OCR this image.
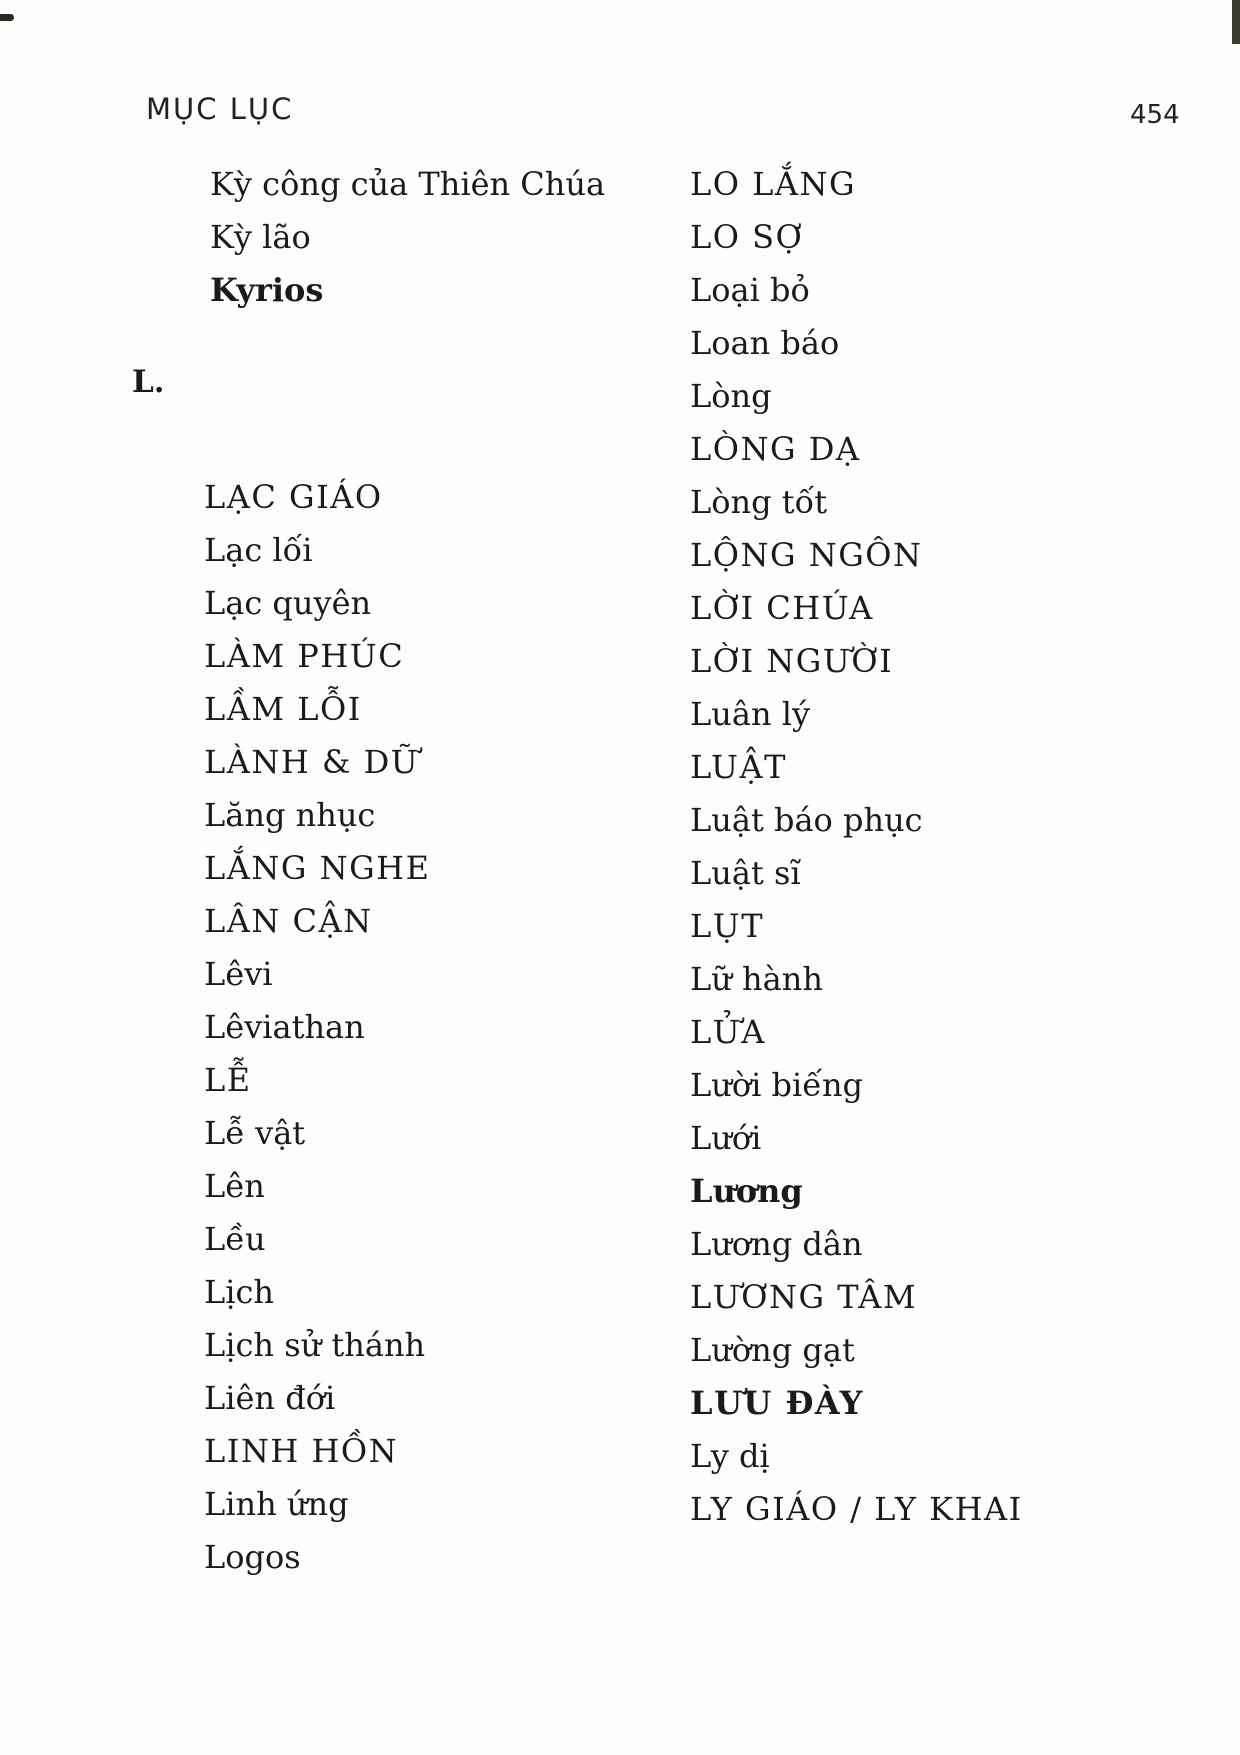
MỤC LỤC	454
Kỳ công của Thiên Chúa
Kỳ lão
Kyrios
L.
LẠC GIÁO
Lạc lối
Lạc quyên
LÀM PHÚC
LẦM LỖI
LÀNH & DỮ
Lăng nhục
LẮNG NGHE
LÂN CẬN
Lêvi
Lêviathan
LỄ
Lễ vật
Lên
Lều
Lịch
Lịch sử thánh
Liên đới
LINH HỒN
Linh ứng
Logos
LO LẮNG
LO SỢ
Loại bỏ
Loan báo
Lòng
LÒNG DẠ
Lòng tốt
LỘNG NGÔN
LỜI CHÚA
LỜI NGƯỜI
Luân lý
LUẬT
Luật báo phục
Luật sĩ
LỤT
Lữ hành
LỬA
Lười biếng
Lưới
Lương
Lương dân
LƯƠNG TÂM
Lường gạt
LƯU ĐÀY
Ly dị
LY GIÁO / LY KHAI
